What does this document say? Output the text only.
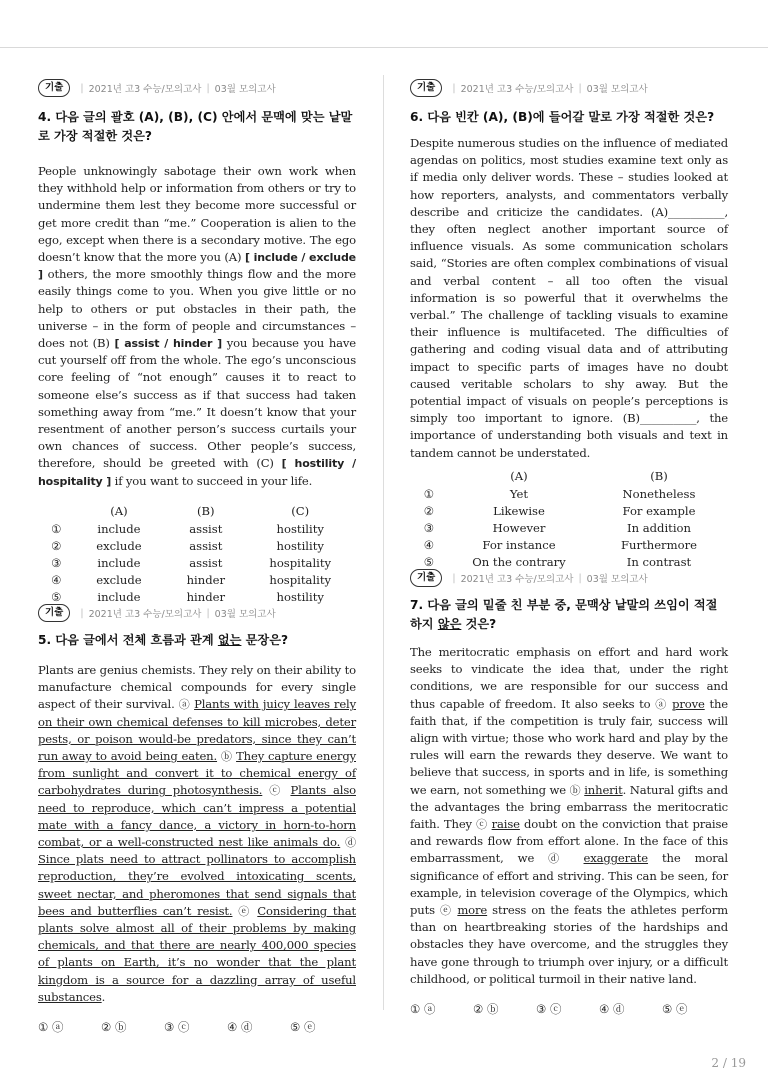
기출	| 2021년 고3 수능/모의고사 | 03월 모의고사

4. 다음 글의 괄호 (A), (B), (C) 안에서 문맥에 맞는 낱말로 가장 적절한 것은?

People unknowingly sabotage their own work when they withhold help or information from others or try to undermine them lest they become more successful or get more credit than “me.” Cooperation is alien to the ego, except when there is a secondary motive. The ego doesn’t know that the more you (A) [ include / exclude ] others, the more smoothly things flow and the more easily things come to you. When you give little or no help to others or put obstacles in their path, the universe – in the form of people and circumstances – does not (B) [ assist / hinder ] you because you have cut yourself off from the whole. The ego’s unconscious core feeling of “not enough” causes it to react to someone else’s success as if that success had taken something away from “me.” It doesn’t know that your resentment of another person’s success curtails your own chances of success. Other people’s success, therefore, should be greeted with (C) [ hostility / hospitality ] if you want to succeed in your life.

	(A)	(B)	(C)
①	include	assist	hostility
②	exclude	assist	hostility
③	include	assist	hospitality
④	exclude	hinder	hospitality
⑤	include	hinder	hostility
기출	| 2021년 고3 수능/모의고사 | 03월 모의고사

5. 다음 글에서 전체 흐름과 관계 없는 문장은?

Plants are genius chemists. They rely on their ability to manufacture chemical compounds for every single aspect of their survival. ⓐ Plants with juicy leaves rely on their own chemical defenses to kill microbes, deter pests, or poison would-be predators, since they can’t run away to avoid being eaten. ⓑ They capture energy from sunlight and convert it to chemical energy of carbohydrates during photosynthesis. ⓒ Plants also need to reproduce, which can’t impress a potential mate with a fancy dance, a victory in horn-to-horn combat, or a well-constructed nest like animals do. ⓓ Since plats need to attract pollinators to accomplish reproduction, they’re evolved intoxicating scents, sweet nectar, and pheromones that send signals that bees and butterflies can’t resist. ⓔ Considering that plants solve almost all of their problems by making chemicals, and that there are nearly 400,000 species of plants on Earth, it’s no wonder that the plant kingdom is a source for a dazzling array of useful substances.

① ⓐ	② ⓑ	③ ⓒ	④ ⓓ	⑤ ⓔ
기출	| 2021년 고3 수능/모의고사 | 03월 모의고사

6. 다음 빈칸 (A), (B)에 들어갈 말로 가장 적절한 것은?

Despite numerous studies on the influence of mediated agendas on politics, most studies examine text only as if media only deliver words. These – studies looked at how reporters, analysts, and commentators verbally describe and criticize the candidates. (A)__________, they often neglect another important source of influence visuals. As some communication scholars said, “Stories are often complex combinations of visual and verbal content – all too often the visual information is so powerful that it overwhelms the verbal.” The challenge of tackling visuals to examine their influence is multifaceted. The difficulties of gathering and coding visual data and of attributing impact to specific parts of images have no doubt caused veritable scholars to shy away. But the potential impact of visuals on people’s perceptions is simply too important to ignore. (B)__________, the importance of understanding both visuals and text in tandem cannot be understated.

	(A)	(B)
①	Yet	Nonetheless
②	Likewise	For example
③	However	In addition
④	For instance	Furthermore
⑤	On the contrary	In contrast
기출	| 2021년 고3 수능/모의고사 | 03월 모의고사

7. 다음 글의 밑줄 친 부분 중, 문맥상 낱말의 쓰임이 적절하지 않은 것은?

The meritocratic emphasis on effort and hard work seeks to vindicate the idea that, under the right conditions, we are responsible for our success and thus capable of freedom. It also seeks to ⓐ prove the faith that, if the competition is truly fair, success will align with virtue; those who work hard and play by the rules will earn the rewards they deserve. We want to believe that success, in sports and in life, is something we earn, not something we ⓑ inherit. Natural gifts and the advantages the bring embarrass the meritocratic faith. They ⓒ raise doubt on the conviction that praise and rewards flow from effort alone. In the face of this embarrassment, we ⓓ exaggerate the moral significance of effort and striving. This can be seen, for example, in television coverage of the Olympics, which puts ⓔ more stress on the feats the athletes perform than on heartbreaking stories of the hardships and obstacles they have overcome, and the struggles they have gone through to triumph over injury, or a difficult childhood, or political turmoil in their native land.

① ⓐ	② ⓑ	③ ⓒ	④ ⓓ	⑤ ⓔ
2 / 19
